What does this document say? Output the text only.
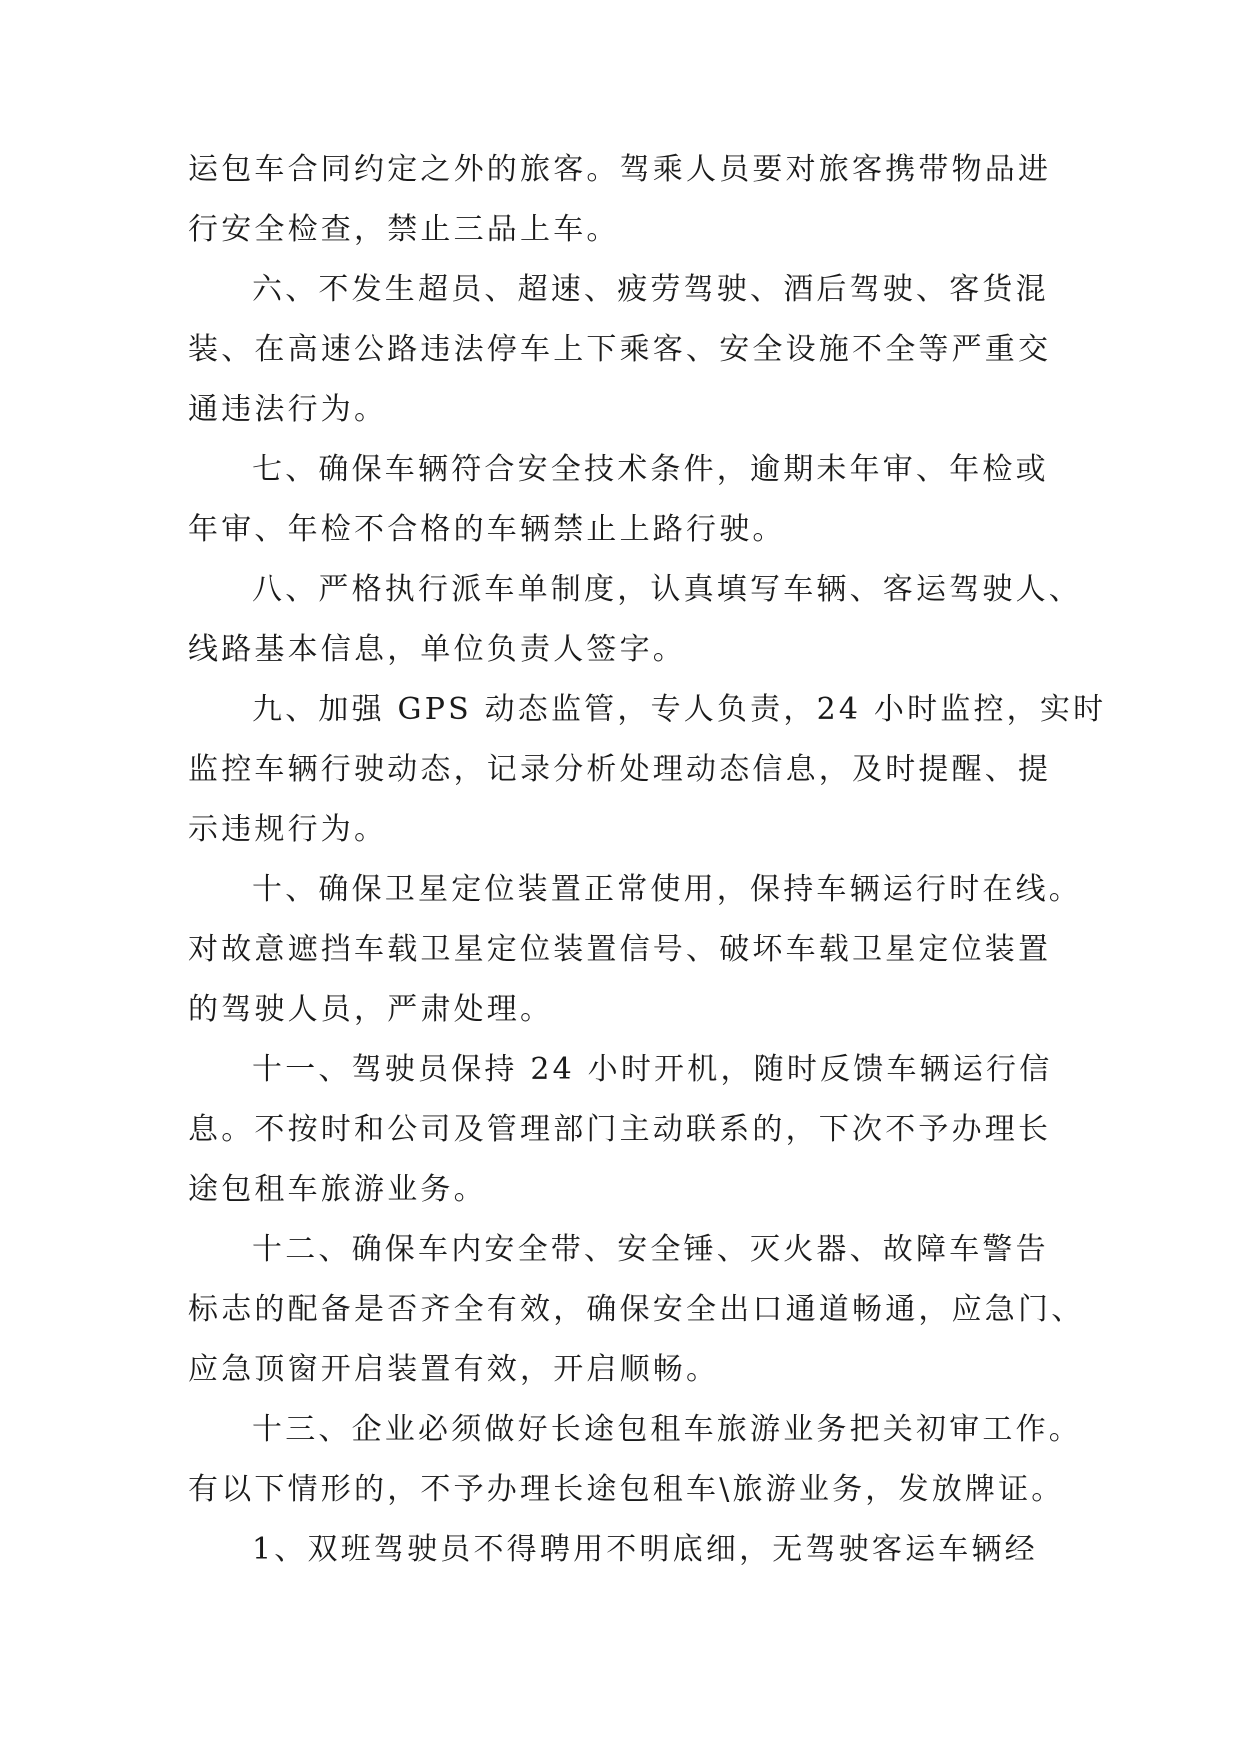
运包车合同约定之外的旅客。驾乘人员要对旅客携带物品进
行安全检查，禁止三品上车。
六、不发生超员、超速、疲劳驾驶、酒后驾驶、客货混
装、在高速公路违法停车上下乘客、安全设施不全等严重交
通违法行为。
七、确保车辆符合安全技术条件，逾期未年审、年检或
年审、年检不合格的车辆禁止上路行驶。
八、严格执行派车单制度，认真填写车辆、客运驾驶人、
线路基本信息，单位负责人签字。
九、加强 GPS 动态监管，专人负责，24 小时监控，实时
监控车辆行驶动态，记录分析处理动态信息，及时提醒、提
示违规行为。
十、确保卫星定位装置正常使用，保持车辆运行时在线。
对故意遮挡车载卫星定位装置信号、破坏车载卫星定位装置
的驾驶人员，严肃处理。
十一、驾驶员保持 24 小时开机，随时反馈车辆运行信
息。不按时和公司及管理部门主动联系的，下次不予办理长
途包租车旅游业务。
十二、确保车内安全带、安全锤、灭火器、故障车警告
标志的配备是否齐全有效，确保安全出口通道畅通，应急门、
应急顶窗开启装置有效，开启顺畅。
十三、企业必须做好长途包租车旅游业务把关初审工作。
有以下情形的，不予办理长途包租车\旅游业务，发放牌证。
1、双班驾驶员不得聘用不明底细，无驾驶客运车辆经
